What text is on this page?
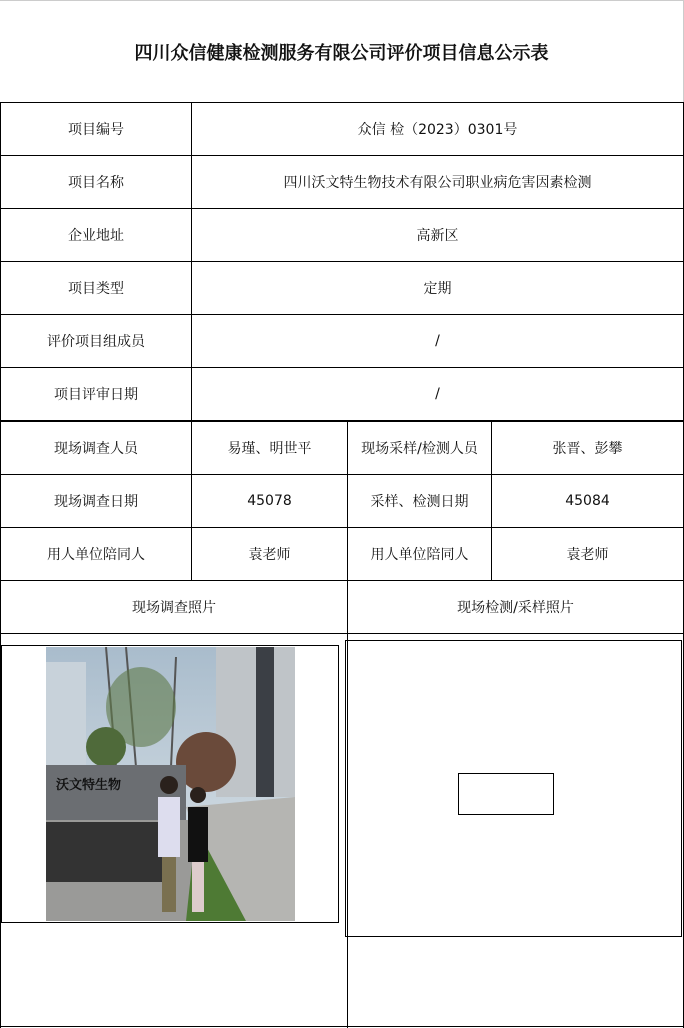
四川众信健康检测服务有限公司评价项目信息公示表
项目编号	众信 检（2023）0301号
项目名称	四川沃文特生物技术有限公司职业病危害因素检测
企业地址	高新区
项目类型	定期
评价项目组成员	/
项目评审日期	/
现场调查人员	易瑾、明世平	现场采样/检测人员	张晋、彭攀
现场调查日期	45078	采样、检测日期	45084
用人单位陪同人	袁老师	用人单位陪同人	袁老师
现场调查照片	现场检测/采样照片
沃文特生物
